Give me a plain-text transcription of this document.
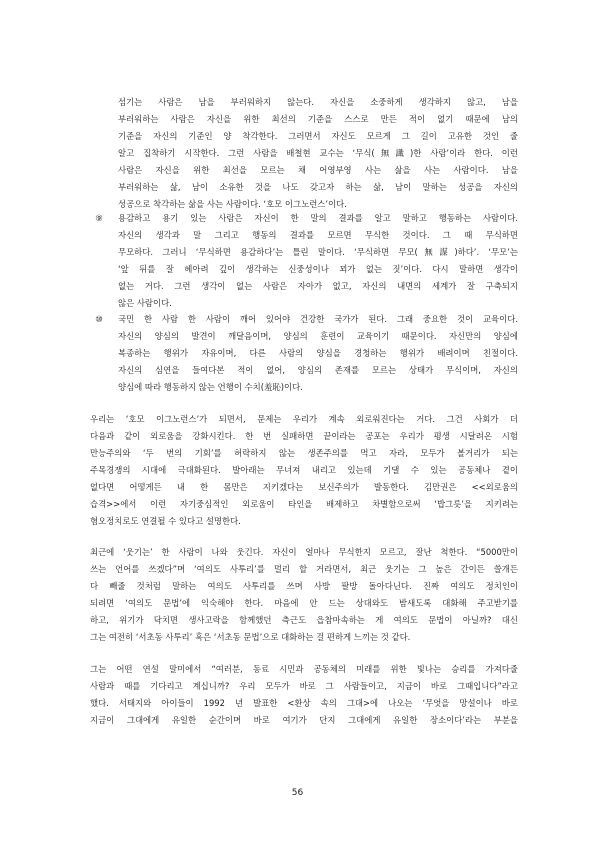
섬기는 사람은 남을 부러워하지 않는다. 자신을 소중하게 생각하지 않고, 남을
부러워하는 사람은 자신을 위한 최선의 기준을 스스로 만든 적이 없기 때문에 남의
기준을 자신의 기준인 양 착각한다. 그러면서 자신도 모르게 그 길이 고유한 것인 줄
알고 집착하기 시작한다. 그런 사람을 배철현 교수는 ‘무식(無識)한 사람’이라 한다. 이런
사람은 자신을 위한 최선을 모르는 채 어영부영 사는 삶을 사는 사람이다. 남을
부러워하는 삶, 남이 소유한 것을 나도 갖고자 하는 삶, 남이 말하는 성공을 자신의
성공으로 착각하는 삶을 사는 사람이다. ‘호모 이그노런스’이다.
⑨	용감하고 용기 있는 사람은 자신이 한 말의 결과를 알고 말하고 행동하는 사람이다.
자신의 생각과 말 그리고 행동의 결과를 모르면 무식한 것이다. 그 때 무식하면
무모하다. 그러니 ‘무식하면 용감하다’는 틀린 말이다. ‘무식하면 무모(無謀)하다’. ‘무모’는
‘앞 뒤를 잘 헤아려 깊이 생각하는 신중성이나 꾀가 없는 짓’이다. 다시 말하면 생각이
없는 거다. 그런 생각이 없는 사람은 자아가 없고, 자신의 내면의 세계가 잘 구축되지
않은 사람이다.
⑩	국민 한 사람 한 사람이 깨어 있어야 건강한 국가가 된다. 그래 중요한 것이 교육이다.
자신의 양심의 발견이 깨달음이며, 양심의 훈련이 교육이기 때문이다. 자신만의 양심에
복종하는 행위가 자유이며, 다른 사람의 양심을 경청하는 행위가 배려이며 친절이다.
자신의 심연을 들여다본 적이 없어, 양심의 존재를 모르는 상태가 무식이며, 자신의
양심에 따라 행동하지 않는 언행이 수치(羞恥)이다.
우리는 ‘호모 이그노런스’가 되면서, 문제는 우리가 계속 외로워진다는 거다. 그건 사회가 더
다음과 같이 외로움을 강화시킨다. 한 번 실패하면 끝이라는 공포는 우리가 평생 시달려온 시험
만능주의와 ‘두 번의 기회’를 허락하지 않는 생존주의를 먹고 자라, 모두가 볼거리가 되는
주목경쟁의 시대에 극대화된다. 발아래는 무너져 내리고 있는데 기댈 수 있는 공동체나 곁이
없다면 어떻게든 내 한 몸만은 지키겠다는 보신주의가 발동한다. 김만권은 <<외로움의
습격>>에서 이런 자기중심적인 외로움이 타인을 배제하고 차별함으로써 ‘밥그릇’을 지키려는
혐오정치로도 연결될 수 있다고 설명한다.
최근에 ‘웃기는’ 한 사람이 나와 웃긴다. 자신이 얼마나 무식한지 모르고, 잘난 척한다. “5000만이
쓰는 언어를 쓰겠다”며 ‘여의도 사투리’를 멀리 할 거라면서, 최근 웃기는 그 높은 간이든 쓸개든
다 빼줄 것처럼 말하는 여의도 사투리를 쓰며 사방 팔방 돌아다닌다. 진짜 여의도 정치인이
되려면 ‘여의도 문법’에 익숙해야 한다. 마음에 안 드는 상대와도 밤새도록 대화해 주고받기를
하고, 위기가 닥치면 생사고락을 함께했던 측근도 읍참마속하는 게 여의도 문법이 아닐까? 대신
그는 여전히 ‘서초동 사투리’ 혹은 ‘서초동 문법’으로 대화하는 걸 편하게 느끼는 것 같다.
그는 어떤 연설 말미에서 “여러분, 동료 시민과 공동체의 미래를 위한 빛나는 승리를 가져다줄
사람과 때를 기다리고 계십니까? 우리 모두가 바로 그 사람들이고, 지금이 바로 그때입니다”라고
했다. 서태지와 아이들이 1992 년 발표한 <환상 속의 그대>에 나오는 ‘무엇을 망설이나 바로
지금이 그대에게 유일한 순간이며 바로 여기가 단지 그대에게 유일한 장소이다’라는 부분을
56
